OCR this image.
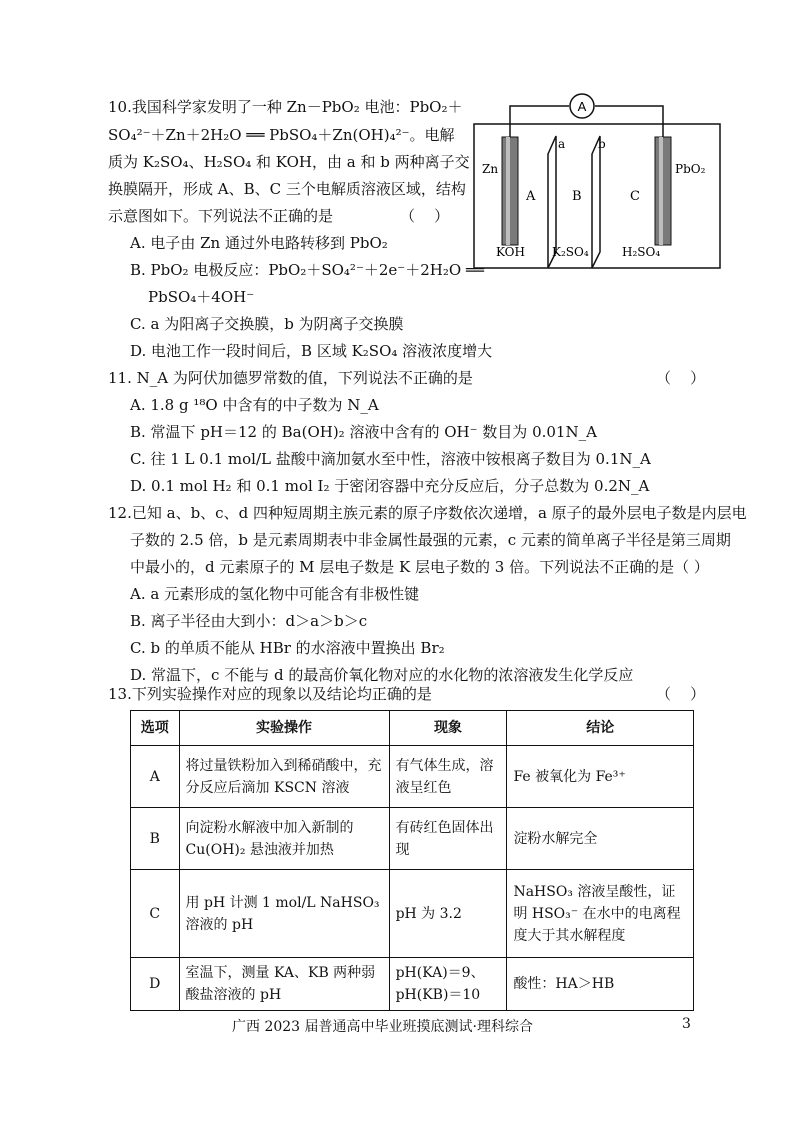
10.我国科学家发明了一种 Zn－PbO₂ 电池：PbO₂＋
SO₄²⁻＋Zn＋2H₂O ══ PbSO₄＋Zn(OH)₄²⁻。电解
质为 K₂SO₄、H₂SO₄ 和 KOH，由 a 和 b 两种离子交
换膜隔开，形成 A、B、C 三个电解质溶液区域，结构
示意图如下。下列说法不正确的是	（    ）
A. 电子由 Zn 通过外电路转移到 PbO₂
B. PbO₂ 电极反应：PbO₂＋SO₄²⁻＋2e⁻＋2H₂O ══
PbSO₄＋4OH⁻
C. a 为阳离子交换膜，b 为阴离子交换膜
D. 电池工作一段时间后，B 区域 K₂SO₄ 溶液浓度增大
A
Zn	PbO₂
a	b
A	B	C
KOH K₂SO₄	H₂SO₄
11. N_A 为阿伏加德罗常数的值，下列说法不正确的是	（    ）
A. 1.8 g ¹⁸O 中含有的中子数为 N_A
B. 常温下 pH＝12 的 Ba(OH)₂ 溶液中含有的 OH⁻ 数目为 0.01N_A
C. 往 1 L 0.1 mol/L 盐酸中滴加氨水至中性，溶液中铵根离子数目为 0.1N_A
D. 0.1 mol H₂ 和 0.1 mol I₂ 于密闭容器中充分反应后，分子总数为 0.2N_A
12.已知 a、b、c、d 四种短周期主族元素的原子序数依次递增，a 原子的最外层电子数是内层电
子数的 2.5 倍，b 是元素周期表中非金属性最强的元素，c 元素的简单离子半径是第三周期
中最小的，d 元素原子的 M 层电子数是 K 层电子数的 3 倍。下列说法不正确的是（ ）
A. a 元素形成的氢化物中可能含有非极性键
B. 离子半径由大到小：d＞a＞b＞c
C. b 的单质不能从 HBr 的水溶液中置换出 Br₂
D. 常温下，c 不能与 d 的最高价氧化物对应的水化物的浓溶液发生化学反应
13.下列实验操作对应的现象以及结论均正确的是	（    ）
选项	实验操作	现象	结论
A	将过量铁粉加入到稀硝酸中，充分反应后滴加 KSCN 溶液	有气体生成，溶液呈红色	Fe 被氧化为 Fe³⁺
B	向淀粉水解液中加入新制的 Cu(OH)₂ 悬浊液并加热	有砖红色固体出现	淀粉水解完全
C	用 pH 计测 1 mol/L NaHSO₃ 溶液的 pH	pH 为 3.2	NaHSO₃ 溶液呈酸性，证明 HSO₃⁻ 在水中的电离程度大于其水解程度
D	室温下，测量 KA、KB 两种弱酸盐溶液的 pH	pH(KA)＝9、pH(KB)＝10	酸性：HA＞HB
广西 2023 届普通高中毕业班摸底测试·理科综合	3
